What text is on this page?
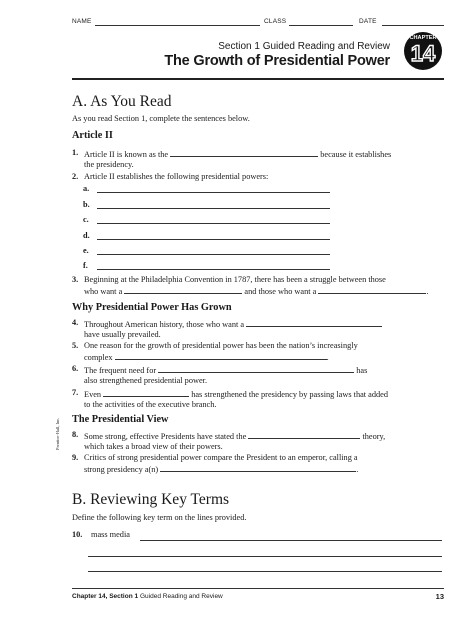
NAME	CLASS	DATE
Section 1 Guided Reading and Review
The Growth of Presidential Power
CHAPTER
14
A. As You Read
As you read Section 1, complete the sentences below.
Article II
1. Article II is known as the	because it establishes
the presidency.
2. Article II establishes the following presidential powers:
a.
b.
c.
d.
e.
f.
3. Beginning at the Philadelphia Convention in 1787, there has been a struggle between those
who want a	and those who want a	.
Why Presidential Power Has Grown
4. Throughout American history, those who want a
have usually prevailed.
5. One reason for the growth of presidential power has been the nation’s increasingly
complex	.
6. The frequent need for	has
also strengthened presidential power.
7. Even	has strengthened the presidency by passing laws that added
to the activities of the executive branch.
The Presidential View
8. Some strong, effective Presidents have stated the	theory,
which takes a broad view of their powers.
9. Critics of strong presidential power compare the President to an emperor, calling a
strong presidency a(n)	.
B. Reviewing Key Terms
Define the following key term on the lines provided.
10. mass media
Prentice-Hall, Inc.
Chapter 14, Section 1 Guided Reading and Review	13
